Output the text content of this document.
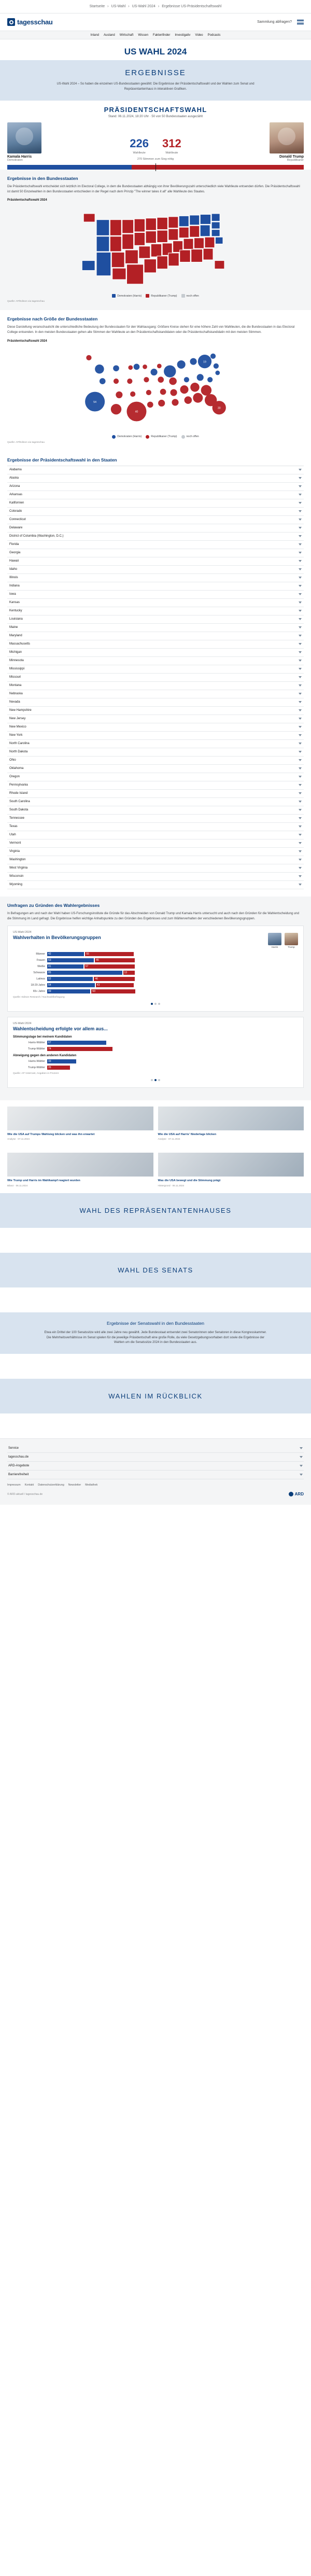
Startseite › US-Wahl › US-Wahl 2024 › Ergebnisse US-Präsidentschaftswahl
tagesschau	Sammlung abfragen?
Inland Ausland Wirtschaft Wissen Faktenfinder Investigativ Video Podcasts
US WAHL 2024
ERGEBNISSE
US-Wahl 2024 – So haben die einzelnen US-Bundesstaaten gewählt: Die Ergebnisse der Präsidentschaftswahl und der Wahlen zum Senat und Repräsentantenhaus in interaktiven Grafiken.
PRÄSIDENTSCHAFTSWAHL
Stand: 06.11.2024, 18:20 Uhr · 50 von 50 Bundesstaaten ausgezählt
Kamala Harris
Demokraten
226
Wahlleute
312
Wahlleute
270 Stimmen zum Sieg nötig
Donald Trump
Republikaner
Ergebnisse in den Bundesstaaten

Die Präsidentschaftswahl entscheidet sich letztlich im Electoral College, in dem die Bundesstaaten abhängig von ihrer Bevölkerungszahl unterschiedlich viele Wahlleute entsenden dürfen. Die Präsidentschaftswahl ist damit 50 Einzelwahlen in den Bundesstaaten entschieden in der Regel nach dem Prinzip "The winner takes it all" alle Wahlleute des Staates.

Präsidentschaftswahl 2024
Demokraten (Harris)	Republikaner (Trump)	noch offen
Quelle: AP/Edison via tagesschau
Ergebnisse nach Größe der Bundesstaaten

Diese Darstellung veranschaulicht die unterschiedliche Bedeutung der Bundesstaaten für den Wahlausgang: Größere Kreise stehen für eine höhere Zahl von Wahlleuten, die die Bundesstaaten in das Electoral College entsenden. In den meisten Bundesstaaten gehen alle Stimmen der Wahlleute an den Präsidentschaftskandidaten oder die Präsidentschaftskandidatin mit den meisten Stimmen.

Präsidentschaftswahl 2024
54
40
19
30
Demokraten (Harris)	Republikaner (Trump)	noch offen
Quelle: AP/Edison via tagesschau
Ergebnisse der Präsidentschaftswahl in den Staaten
Alabama
Alaska
Arizona
Arkansas
Kalifornien
Colorado
Connecticut
Delaware
District of Columbia (Washington, D.C.)
Florida
Georgia
Hawaii
Idaho
Illinois
Indiana
Iowa
Kansas
Kentucky
Louisiana
Maine
Maryland
Massachusetts
Michigan
Minnesota
Mississippi
Missouri
Montana
Nebraska
Nevada
New Hampshire
New Jersey
New Mexico
New York
North Carolina
North Dakota
Ohio
Oklahoma
Oregon
Pennsylvania
Rhode Island
South Carolina
South Dakota
Tennessee
Texas
Utah
Vermont
Virginia
Washington
West Virginia
Wisconsin
Wyoming
Umfragen zu Gründen des Wahlergebnisses

In Befragungen am und nach der Wahl haben US-Forschungsinstitute die Gründe für das Abschneiden von Donald Trump und Kamala Harris untersucht und auch nach den Gründen für die Wahlentscheidung und die Stimmung im Land gefragt. Die Ergebnisse helfen wichtige Anhaltspunkte zu den Gründen des Ergebnisses und zum Wählerverhalten der verschiedenen Bevölkerungsgruppen.

US-Wahl 2024
Wahlverhalten in Bevölkerungsgruppen
Harris	Trump
Männer	42	55
Frauen	53	45
Weiße	41	57
Schwarze	85	13
Latinos	52	46
18-29 Jahre	54	43
65+ Jahre	49	50
Quelle: Edison Research / Nachwahlbefragung
US-Wahl 2024
Wahlentscheidung erfolgte vor allem aus...
Stimmungslage bei meinem Kandidaten
Harris-Wähler	67
Trump-Wähler	74
Abneigung gegen den anderen Kandidaten
Harris-Wähler	33
Trump-Wähler	26
Quelle: AP VoteCast, Angaben in Prozent
Wie die USA auf Trumps Wahlsieg blicken und was ihn erwartet
Analyse · 07.11.2024
Wie die USA auf Harris' Niederlage blicken
Analyse · 07.11.2024
Wie Trump und Harris im Wahlkampf reagiert wurden
Bilanz · 06.11.2024
Was die USA bewegt und die Stimmung prägt
Hintergrund · 06.11.2024
WAHL DES REPRÄSENTANTENHAUSES
WAHL DES SENATS
Ergebnisse der Senatswahl in den Bundesstaaten
Etwa ein Drittel der 100 Senatssitze wird alle zwei Jahre neu gewählt. Jede Bundesstaat entsendet zwei Senatorinnen oder Senatoren in diese Kongresskammer. Die Mehrheitsverhältnisse im Senat spielen für die jeweilige Präsidentschaft eine große Rolle, da viele Gesetzgebungsvorhaben dort sowie die Ergebnisse der Wahlen um die Senatssitze 2024 in den Bundesstaaten aus.
WAHLEN IM RÜCKBLICK
Service
tagesschau.de
ARD-Angebote
Barrierefreiheit
Impressum Kontakt Datenschutzerklärung Newsletter Mediathek
© ARD-aktuell / tagesschau.de	ARD
